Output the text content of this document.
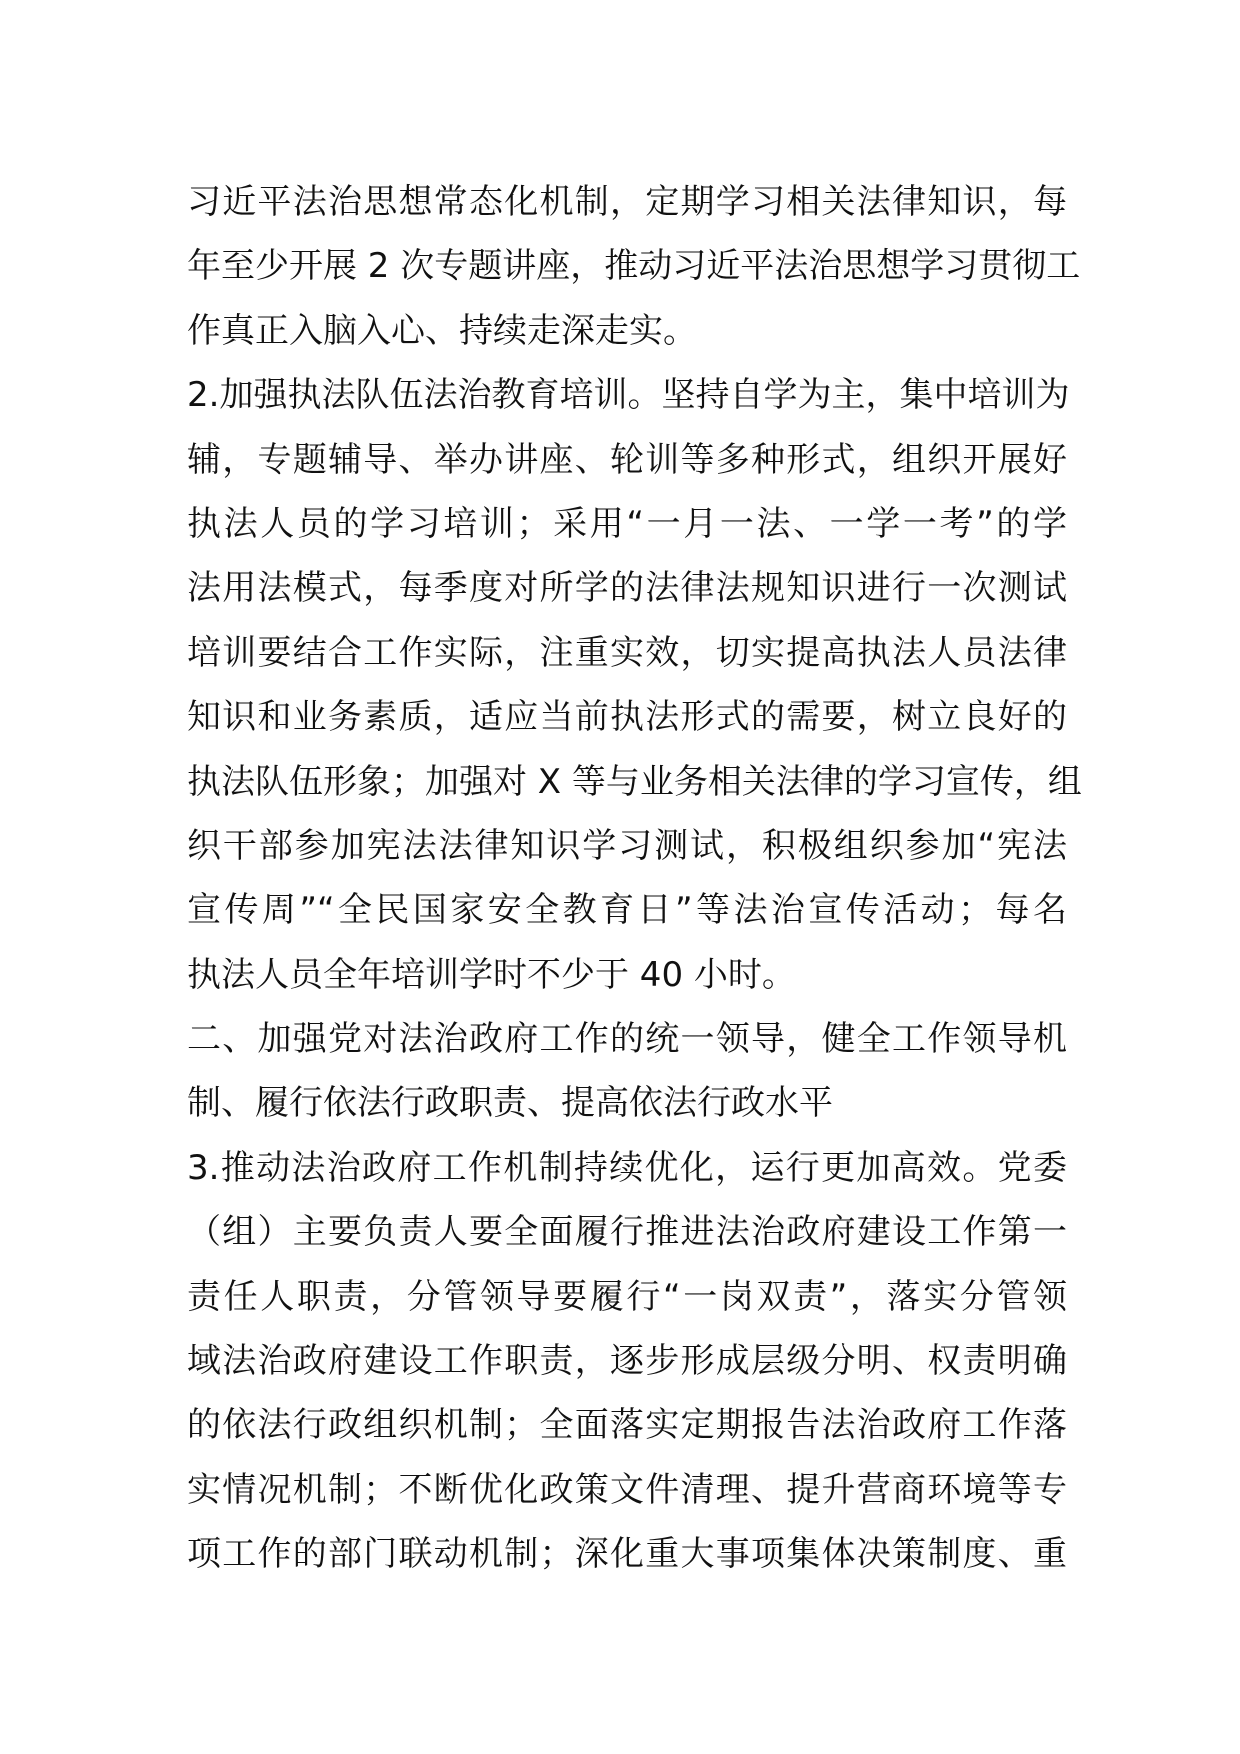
习近平法治思想常态化机制，定期学习相关法律知识，每
年至少开展 2 次专题讲座，推动习近平法治思想学习贯彻工
作真正入脑入心、持续走深走实。
2.加强执法队伍法治教育培训。坚持自学为主，集中培训为
辅，专题辅导、举办讲座、轮训等多种形式，组织开展好
执法人员的学习培训；采用“一月一法、一学一考”的学
法用法模式，每季度对所学的法律法规知识进行一次测试
培训要结合工作实际，注重实效，切实提高执法人员法律
知识和业务素质，适应当前执法形式的需要，树立良好的
执法队伍形象；加强对 X 等与业务相关法律的学习宣传，组
织干部参加宪法法律知识学习测试，积极组织参加“宪法
宣传周”“全民国家安全教育日”等法治宣传活动；每名
执法人员全年培训学时不少于 40 小时。
二、加强党对法治政府工作的统一领导，健全工作领导机
制、履行依法行政职责、提高依法行政水平
3.推动法治政府工作机制持续优化，运行更加高效。党委
（组）主要负责人要全面履行推进法治政府建设工作第一
责任人职责，分管领导要履行“一岗双责”，落实分管领
域法治政府建设工作职责，逐步形成层级分明、权责明确
的依法行政组织机制；全面落实定期报告法治政府工作落
实情况机制；不断优化政策文件清理、提升营商环境等专
项工作的部门联动机制；深化重大事项集体决策制度、重
